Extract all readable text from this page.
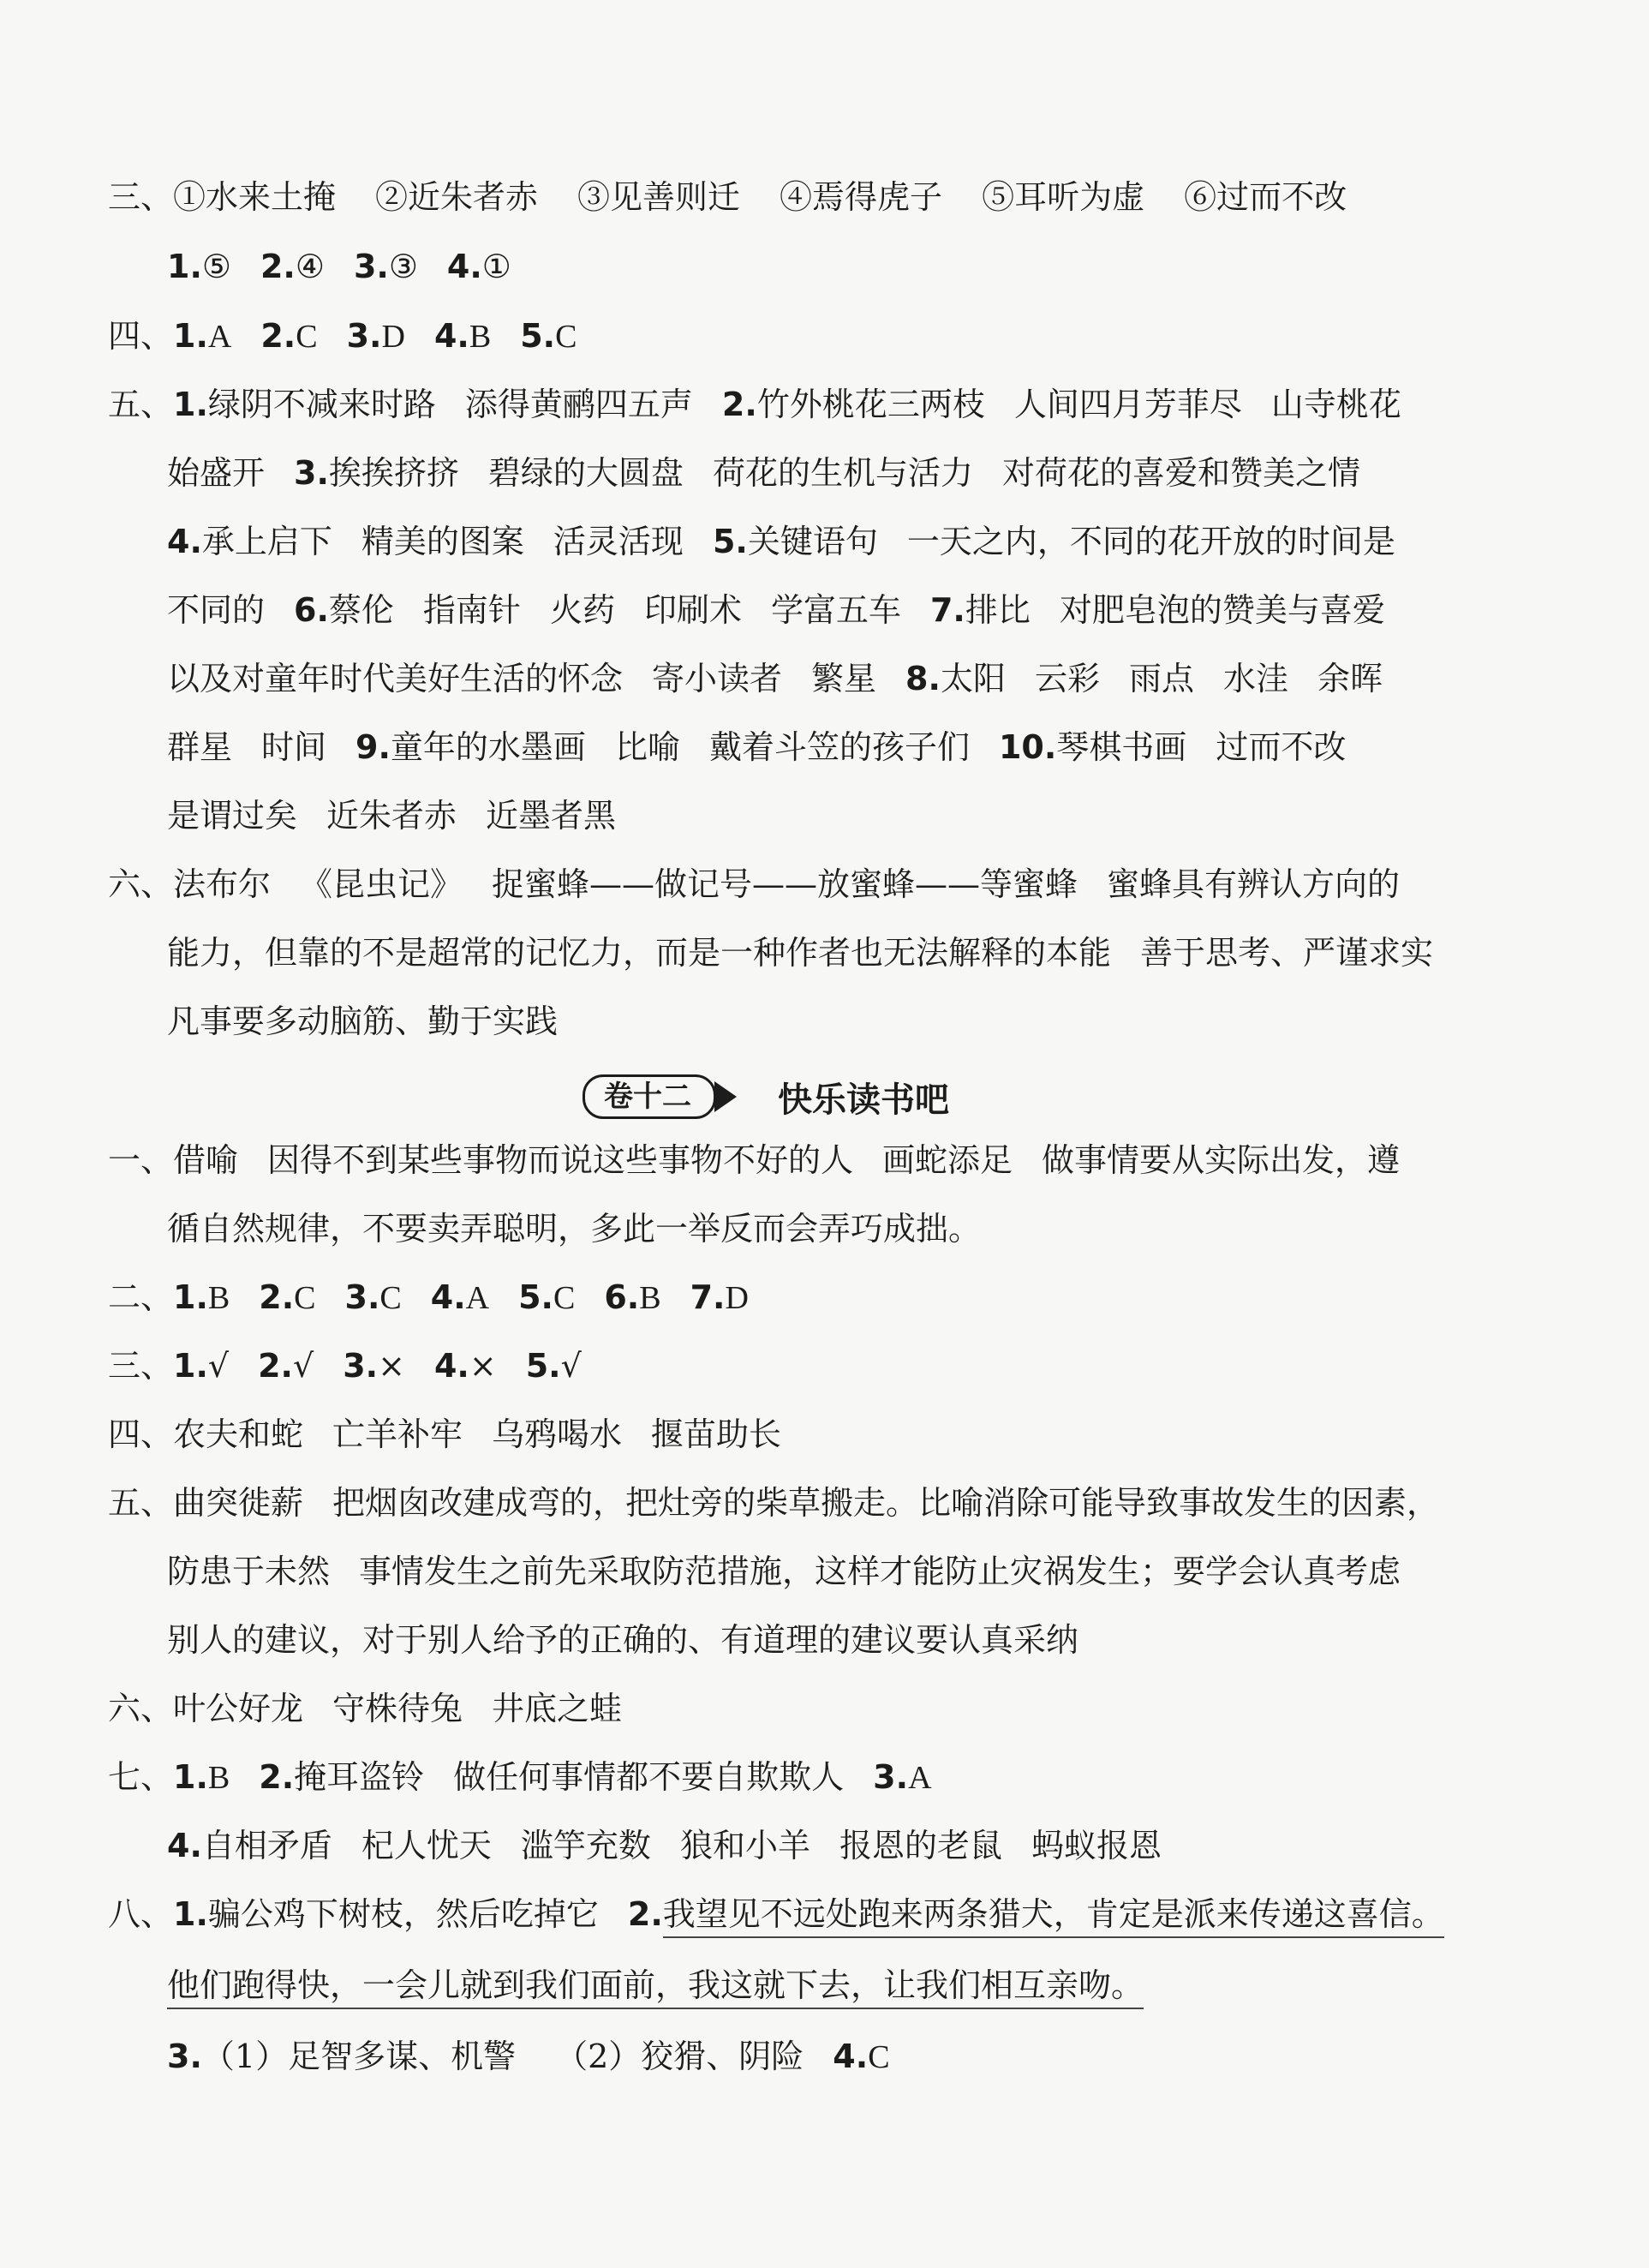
三、①水来土掩 ②近朱者赤 ③见善则迁 ④焉得虎子 ⑤耳听为虚 ⑥过而不改
1.⑤ 2.④ 3.③ 4.①
四、1.A 2.C 3.D 4.B 5.C
五、1.绿阴不减来时路 添得黄鹂四五声 2.竹外桃花三两枝 人间四月芳菲尽 山寺桃花
始盛开 3.挨挨挤挤 碧绿的大圆盘 荷花的生机与活力 对荷花的喜爱和赞美之情
4.承上启下 精美的图案 活灵活现 5.关键语句 一天之内，不同的花开放的时间是
不同的 6.蔡伦 指南针 火药 印刷术 学富五车 7.排比 对肥皂泡的赞美与喜爱
以及对童年时代美好生活的怀念 寄小读者 繁星 8.太阳 云彩 雨点 水洼 余晖
群星 时间 9.童年的水墨画 比喻 戴着斗笠的孩子们 10.琴棋书画 过而不改
是谓过矣 近朱者赤 近墨者黑
六、法布尔 《昆虫记》 捉蜜蜂——做记号——放蜜蜂——等蜜蜂 蜜蜂具有辨认方向的
能力，但靠的不是超常的记忆力，而是一种作者也无法解释的本能 善于思考、严谨求实
凡事要多动脑筋、勤于实践
卷十二	快乐读书吧
一、借喻 因得不到某些事物而说这些事物不好的人 画蛇添足 做事情要从实际出发，遵
循自然规律，不要卖弄聪明，多此一举反而会弄巧成拙。
二、1.B 2.C 3.C 4.A 5.C 6.B 7.D
三、1.√ 2.√ 3.× 4.× 5.√
四、农夫和蛇 亡羊补牢 乌鸦喝水 揠苗助长
五、曲突徙薪 把烟囱改建成弯的，把灶旁的柴草搬走。比喻消除可能导致事故发生的因素，
防患于未然 事情发生之前先采取防范措施，这样才能防止灾祸发生；要学会认真考虑
别人的建议，对于别人给予的正确的、有道理的建议要认真采纳
六、叶公好龙 守株待兔 井底之蛙
七、1.B 2.掩耳盗铃 做任何事情都不要自欺欺人 3.A
4.自相矛盾 杞人忧天 滥竽充数 狼和小羊 报恩的老鼠 蚂蚁报恩
八、1.骗公鸡下树枝，然后吃掉它 2.我望见不远处跑来两条猎犬，肯定是派来传递这喜信。
他们跑得快，一会儿就到我们面前，我这就下去，让我们相互亲吻。
3.（1）足智多谋、机警 （2）狡猾、阴险 4.C
